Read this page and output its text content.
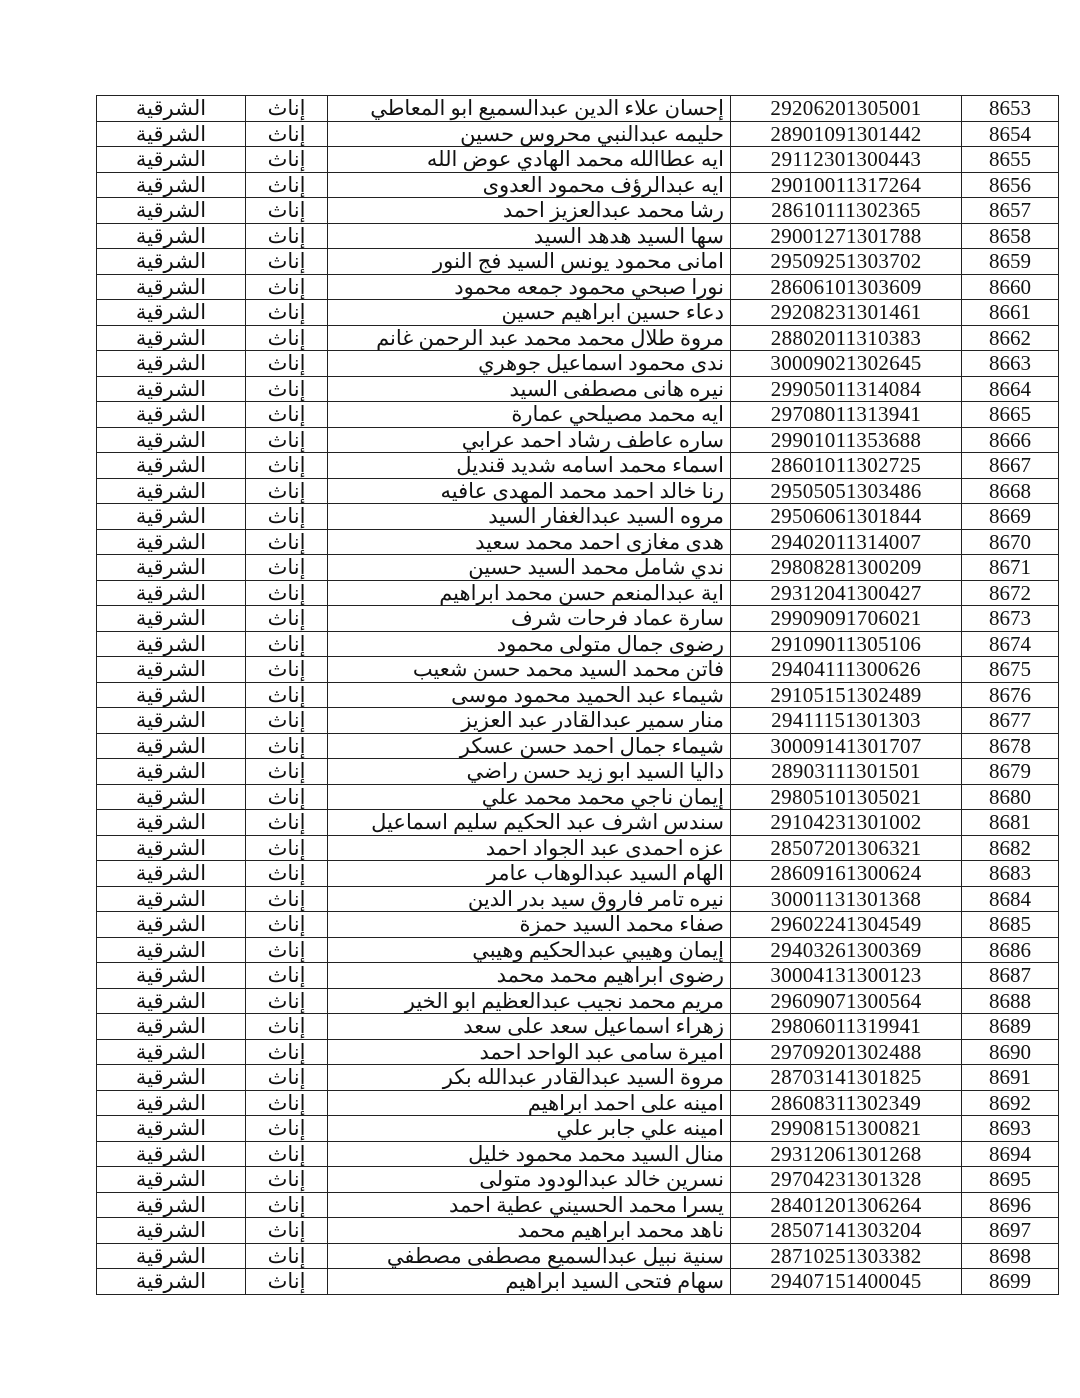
الشرقية	إناث	إحسان علاء الدين عبدالسميع ابو المعاطي	29206201305001	8653
الشرقية	إناث	حليمه عبدالنبي محروس حسين	28901091301442	8654
الشرقية	إناث	ايه عطاالله محمد الهادي عوض الله	29112301300443	8655
الشرقية	إناث	ايه عبدالرؤف محمود العدوى	29010011317264	8656
الشرقية	إناث	رشا محمد عبدالعزيز احمد	28610111302365	8657
الشرقية	إناث	سها السيد هدهد السيد	29001271301788	8658
الشرقية	إناث	امانى محمود يونس السيد فج النور	29509251303702	8659
الشرقية	إناث	نورا صبحي محمود جمعه محمود	28606101303609	8660
الشرقية	إناث	دعاء حسين ابراهيم حسين	29208231301461	8661
الشرقية	إناث	مروة طلال محمد محمد عبد الرحمن غانم	28802011310383	8662
الشرقية	إناث	ندى محمود اسماعيل جوهري	30009021302645	8663
الشرقية	إناث	نيره هانى مصطفى السيد	29905011314084	8664
الشرقية	إناث	ايه محمد مصيلحي عمارة	29708011313941	8665
الشرقية	إناث	ساره عاطف رشاد احمد عرابي	29901011353688	8666
الشرقية	إناث	اسماء محمد اسامه شديد قنديل	28601011302725	8667
الشرقية	إناث	رنا خالد احمد محمد المهدى عافيه	29505051303486	8668
الشرقية	إناث	مروه السيد عبدالغفار السيد	29506061301844	8669
الشرقية	إناث	هدى مغازى احمد محمد سعيد	29402011314007	8670
الشرقية	إناث	ندي شامل محمد السيد حسين	29808281300209	8671
الشرقية	إناث	اية عبدالمنعم حسن محمد ابراهيم	29312041300427	8672
الشرقية	إناث	سارة عماد فرحات شرف	29909091706021	8673
الشرقية	إناث	رضوى جمال متولى محمود	29109011305106	8674
الشرقية	إناث	فاتن محمد السيد محمد حسن شعيب	29404111300626	8675
الشرقية	إناث	شيماء عبد الحميد محمود موسى	29105151302489	8676
الشرقية	إناث	منار سمير عبدالقادر عبد العزيز	29411151301303	8677
الشرقية	إناث	شيماء جمال احمد حسن عسكر	30009141301707	8678
الشرقية	إناث	داليا السيد ابو زيد حسن راضي	28903111301501	8679
الشرقية	إناث	إيمان ناجي محمد محمد علي	29805101305021	8680
الشرقية	إناث	سندس اشرف عبد الحكيم سليم اسماعيل	29104231301002	8681
الشرقية	إناث	عزه احمدى عبد الجواد احمد	28507201306321	8682
الشرقية	إناث	الهام السيد عبدالوهاب عامر	28609161300624	8683
الشرقية	إناث	نيره تامر فاروق سيد بدر الدين	30001131301368	8684
الشرقية	إناث	صفاء محمد السيد حمزة	29602241304549	8685
الشرقية	إناث	إيمان وهيبي عبدالحكيم وهيبي	29403261300369	8686
الشرقية	إناث	رضوى ابراهيم محمد محمد	30004131300123	8687
الشرقية	إناث	مريم محمد نجيب عبدالعظيم ابو الخير	29609071300564	8688
الشرقية	إناث	زهراء اسماعيل سعد على سعد	29806011319941	8689
الشرقية	إناث	اميرة سامى عبد الواحد احمد	29709201302488	8690
الشرقية	إناث	مروة السيد عبدالقادر عبدالله بكر	28703141301825	8691
الشرقية	إناث	امينه على احمد ابراهيم	28608311302349	8692
الشرقية	إناث	امينه علي جابر علي	29908151300821	8693
الشرقية	إناث	منال السيد محمد محمود خليل	29312061301268	8694
الشرقية	إناث	نسرين خالد عبدالودود متولى	29704231301328	8695
الشرقية	إناث	يسرا محمد الحسيني عطية احمد	28401201306264	8696
الشرقية	إناث	ناهد محمد ابراهيم محمد	28507141303204	8697
الشرقية	إناث	سنية نبيل عبدالسميع مصطفى مصطفي	28710251303382	8698
الشرقية	إناث	سهام فتحى السيد ابراهيم	29407151400045	8699
